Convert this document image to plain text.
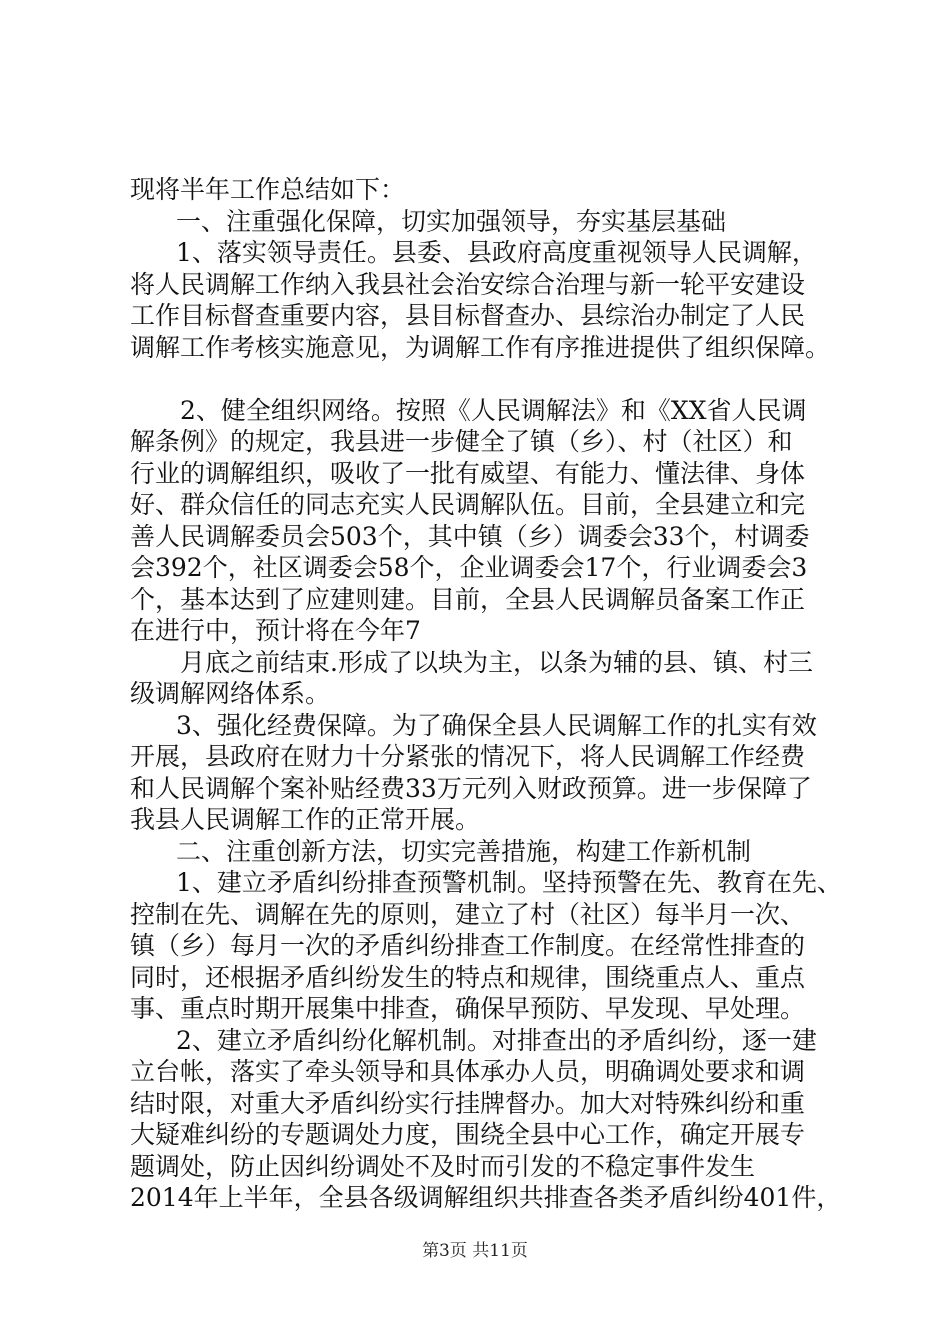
现将半年工作总结如下：

一、注重强化保障，切实加强领导，夯实基层基础

1、落实领导责任。县委、县政府高度重视领导人民调解，

将人民调解工作纳入我县社会治安综合治理与新一轮平安建设

工作目标督查重要内容，县目标督查办、县综治办制定了人民

调解工作考核实施意见，为调解工作有序推进提供了组织保障。

2、健全组织网络。按照《人民调解法》和《XX省人民调

解条例》的规定，我县进一步健全了镇（乡）、村（社区）和

行业的调解组织，吸收了一批有威望、有能力、懂法律、身体

好、群众信任的同志充实人民调解队伍。目前，全县建立和完

善人民调解委员会503个，其中镇（乡）调委会33个，村调委

会392个，社区调委会58个，企业调委会17个，行业调委会3

个，基本达到了应建则建。目前，全县人民调解员备案工作正

在进行中，预计将在今年7

月底之前结束.形成了以块为主，以条为辅的县、镇、村三

级调解网络体系。

3、强化经费保障。为了确保全县人民调解工作的扎实有效

开展，县政府在财力十分紧张的情况下，将人民调解工作经费

和人民调解个案补贴经费33万元列入财政预算。进一步保障了

我县人民调解工作的正常开展。

二、注重创新方法，切实完善措施，构建工作新机制

1、建立矛盾纠纷排查预警机制。坚持预警在先、教育在先、

控制在先、调解在先的原则，建立了村（社区）每半月一次、

镇（乡）每月一次的矛盾纠纷排查工作制度。在经常性排查的

同时，还根据矛盾纠纷发生的特点和规律，围绕重点人、重点

事、重点时期开展集中排查，确保早预防、早发现、早处理。

2、建立矛盾纠纷化解机制。对排查出的矛盾纠纷，逐一建

立台帐，落实了牵头领导和具体承办人员，明确调处要求和调

结时限，对重大矛盾纠纷实行挂牌督办。加大对特殊纠纷和重

大疑难纠纷的专题调处力度，围绕全县中心工作，确定开展专

题调处，防止因纠纷调处不及时而引发的不稳定事件发生

2014年上半年，全县各级调解组织共排查各类矛盾纠纷401件，

第3页 共11页
